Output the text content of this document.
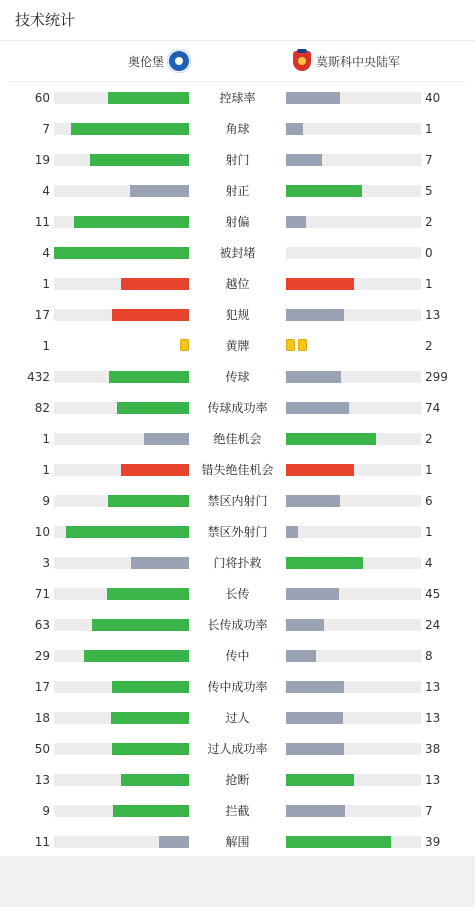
技术统计
奥伦堡	莫斯科中央陆军
60	控球率	40
7	角球	1
19	射门	7
4	射正	5
11	射偏	2
4	被封堵	0
1	越位	1
17	犯规	13
1	黄牌	2
432	传球	299
82	传球成功率	74
1	绝佳机会	2
1	错失绝佳机会	1
9	禁区内射门	6
10	禁区外射门	1
3	门将扑救	4
71	长传	45
63	长传成功率	24
29	传中	8
17	传中成功率	13
18	过人	13
50	过人成功率	38
13	抢断	13
9	拦截	7
11	解围	39
